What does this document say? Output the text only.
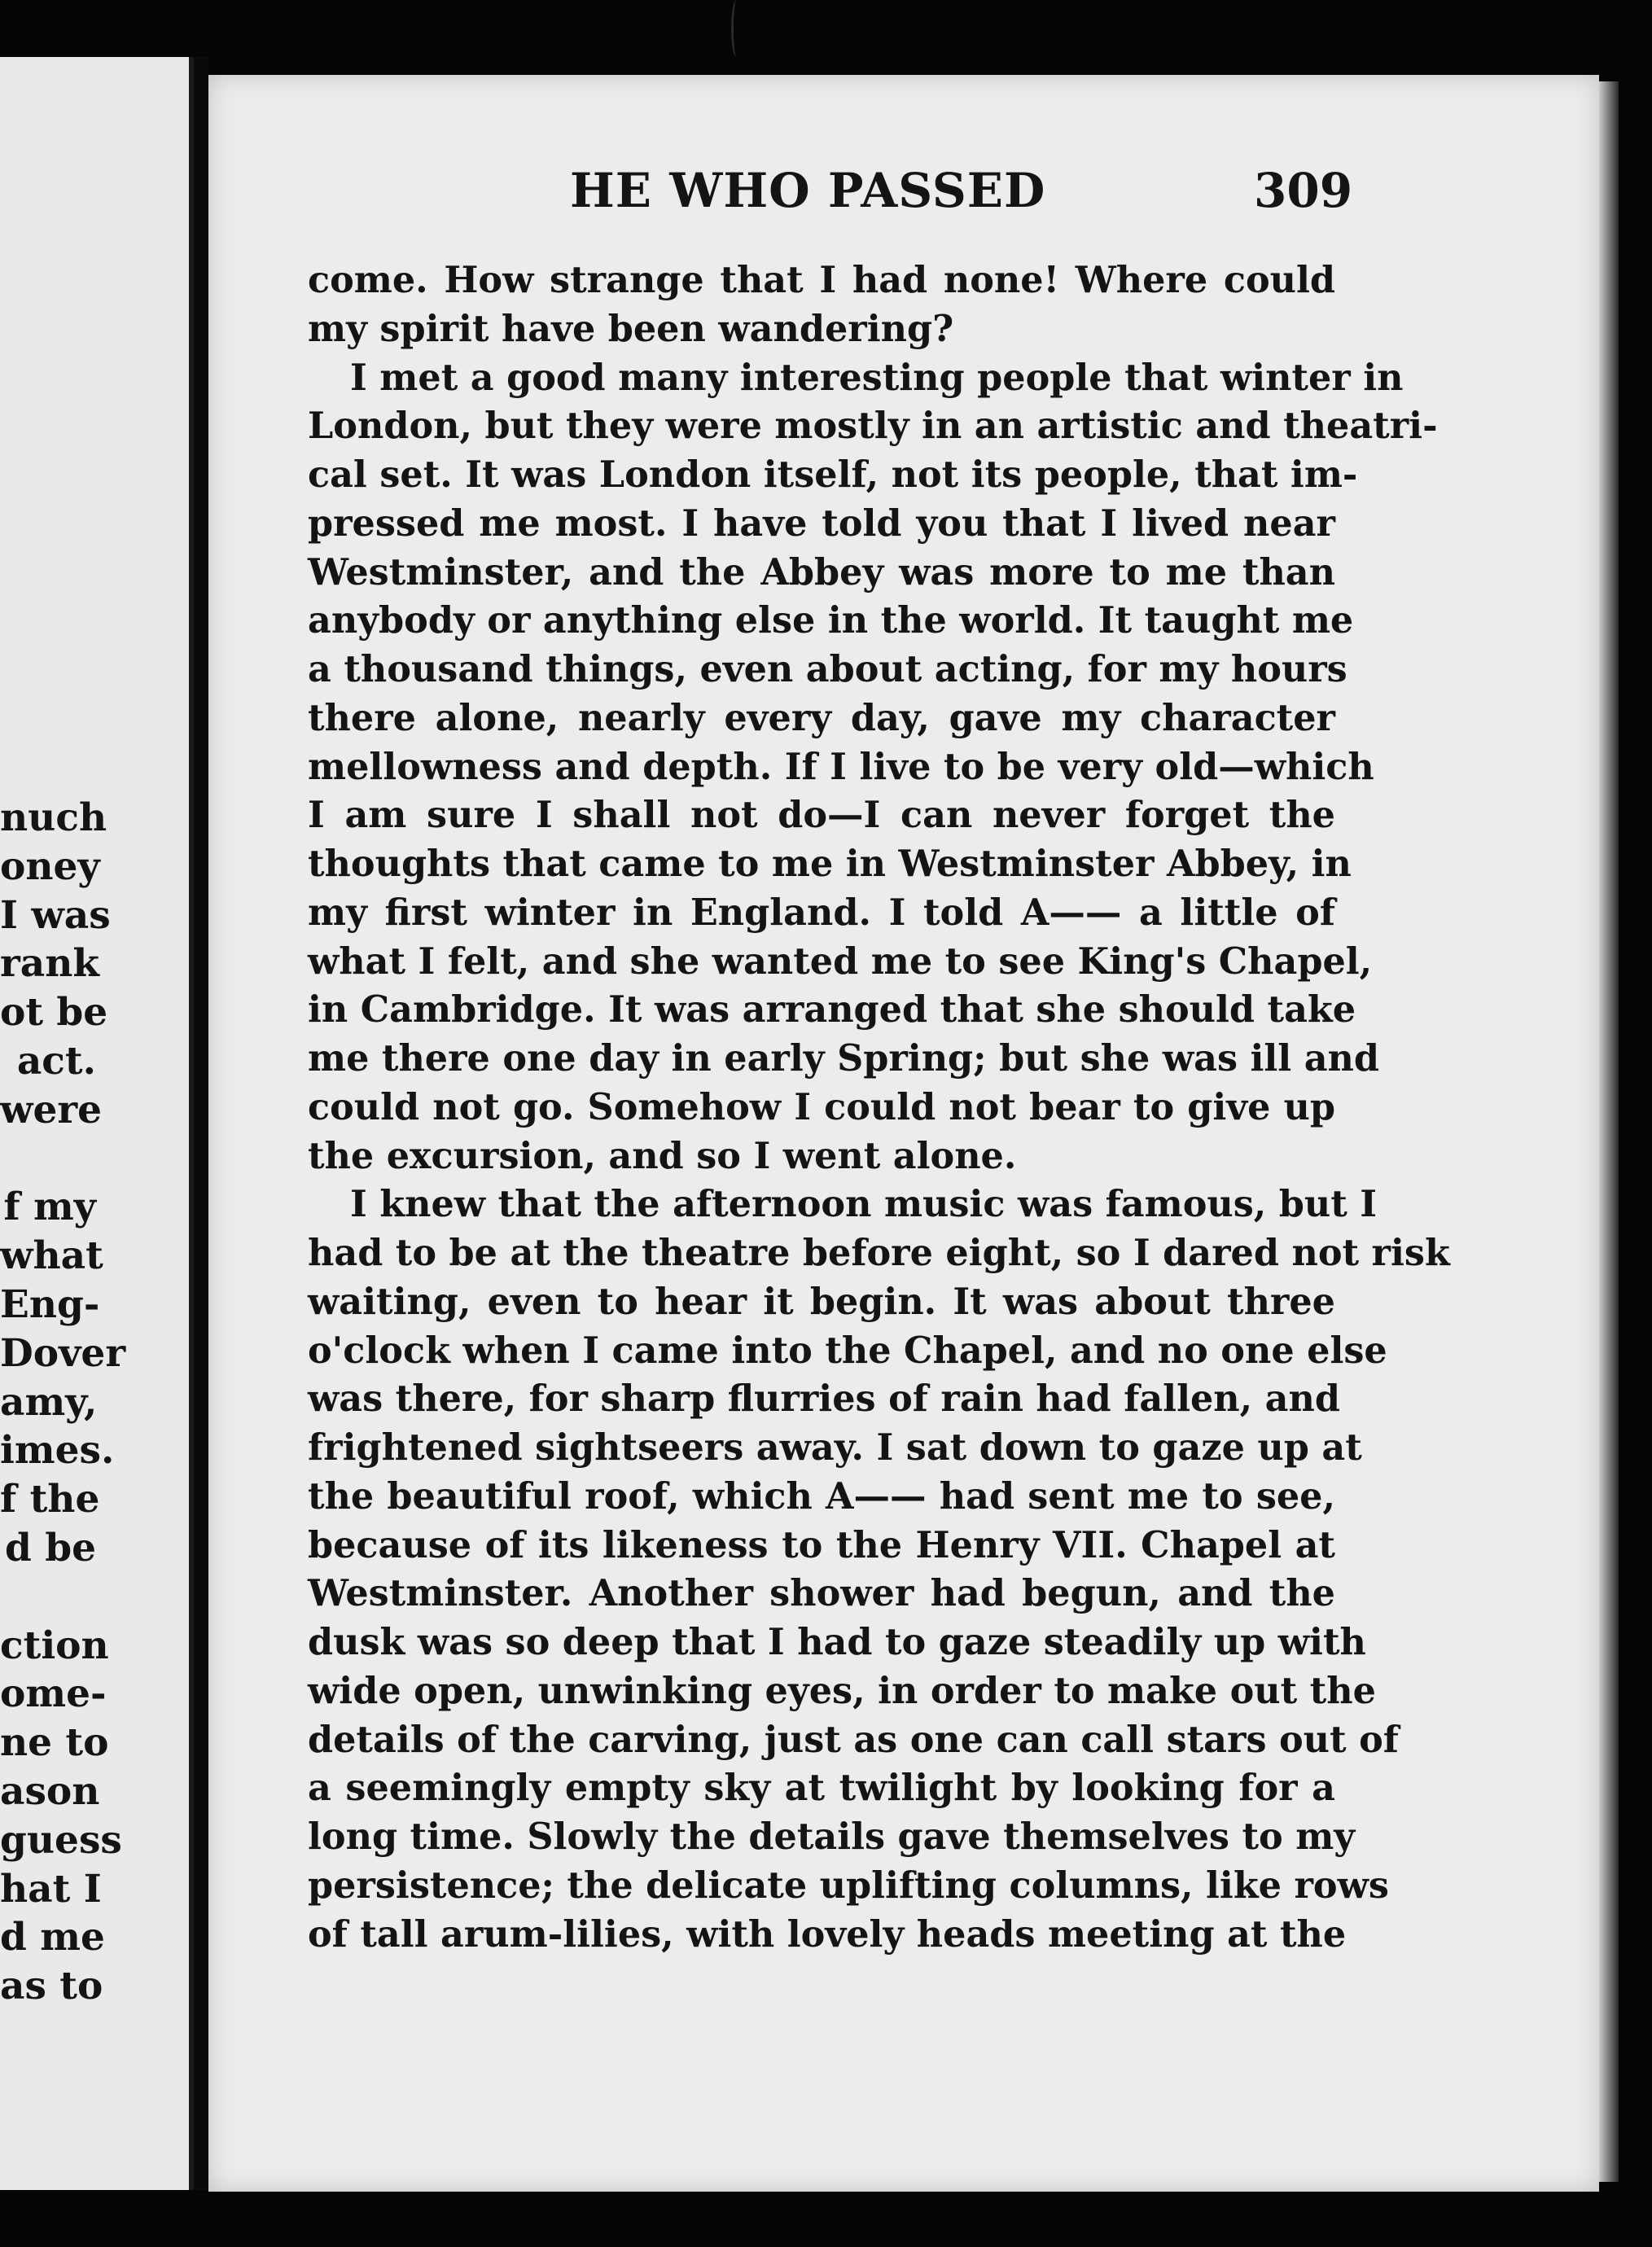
nuch
oney
I was
rank
ot be
act.
were
f my
what
Eng-
Dover
amy,
imes.
f the
d be
ction
ome-
ne to
ason
guess
hat I
d me
as to
HE WHO PASSED	309
come. How strange that I had none! Where could
my spirit have been wandering?
I met a good many interesting people that winter in
London, but they were mostly in an artistic and theatri-
cal set. It was London itself, not its people, that im-
pressed me most. I have told you that I lived near
Westminster, and the Abbey was more to me than
anybody or anything else in the world. It taught me
a thousand things, even about acting, for my hours
there alone, nearly every day, gave my character
mellowness and depth. If I live to be very old—which
I am sure I shall not do—I can never forget the
thoughts that came to me in Westminster Abbey, in
my first winter in England. I told A—— a little of
what I felt, and she wanted me to see King's Chapel,
in Cambridge. It was arranged that she should take
me there one day in early Spring; but she was ill and
could not go. Somehow I could not bear to give up
the excursion, and so I went alone.
I knew that the afternoon music was famous, but I
had to be at the theatre before eight, so I dared not risk
waiting, even to hear it begin. It was about three
o'clock when I came into the Chapel, and no one else
was there, for sharp flurries of rain had fallen, and
frightened sightseers away. I sat down to gaze up at
the beautiful roof, which A—— had sent me to see,
because of its likeness to the Henry VII. Chapel at
Westminster. Another shower had begun, and the
dusk was so deep that I had to gaze steadily up with
wide open, unwinking eyes, in order to make out the
details of the carving, just as one can call stars out of
a seemingly empty sky at twilight by looking for a
long time. Slowly the details gave themselves to my
persistence; the delicate uplifting columns, like rows
of tall arum-lilies, with lovely heads meeting at the
